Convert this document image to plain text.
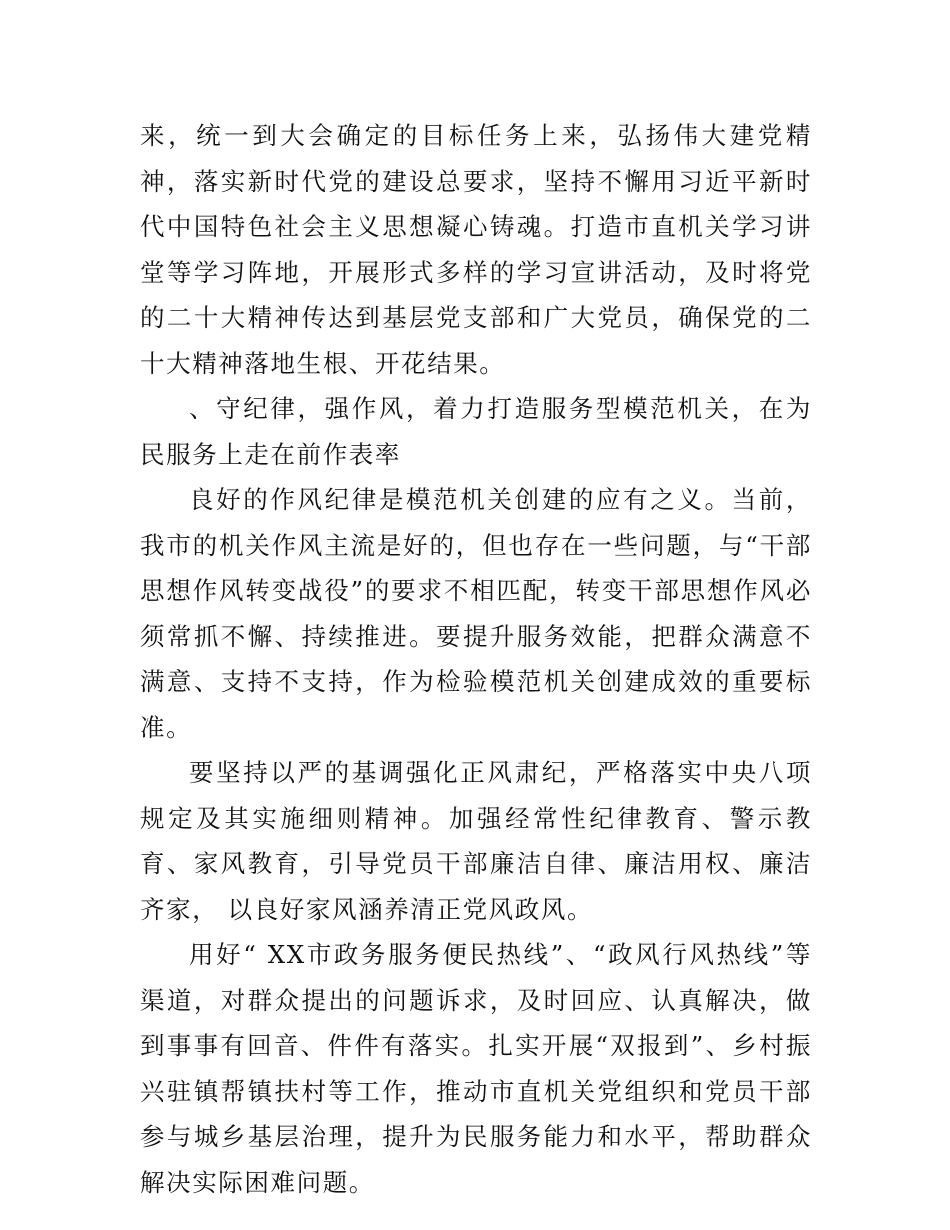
来，统一到大会确定的目标任务上来，弘扬伟大建党精神，落实新时代党的建设总要求，坚持不懈用习近平新时代中国特色社会主义思想凝心铸魂。打造市直机关学习讲堂等学习阵地，开展形式多样的学习宣讲活动，及时将党的二十大精神传达到基层党支部和广大党员，确保党的二十大精神落地生根、开花结果。

、守纪律，强作风，着力打造服务型模范机关，在为民服务上走在前作表率

良好的作风纪律是模范机关创建的应有之义。当前，我市的机关作风主流是好的，但也存在一些问题，与“干部思想作风转变战役”的要求不相匹配，转变干部思想作风必须常抓不懈、持续推进。要提升服务效能，把群众满意不满意、支持不支持，作为检验模范机关创建成效的重要标准。

要坚持以严的基调强化正风肃纪，严格落实中央八项规定及其实施细则精神。加强经常性纪律教育、警示教育、家风教育，引导党员干部廉洁自律、廉洁用权、廉洁齐家， 以良好家风涵养清正党风政风。

用好“ XX市政务服务便民热线”、“政风行风热线”等渠道，对群众提出的问题诉求，及时回应、认真解决，做到事事有回音、件件有落实。扎实开展“双报到”、乡村振兴驻镇帮镇扶村等工作，推动市直机关党组织和党员干部参与城乡基层治理，提升为民服务能力和水平，帮助群众解决实际困难问题。
